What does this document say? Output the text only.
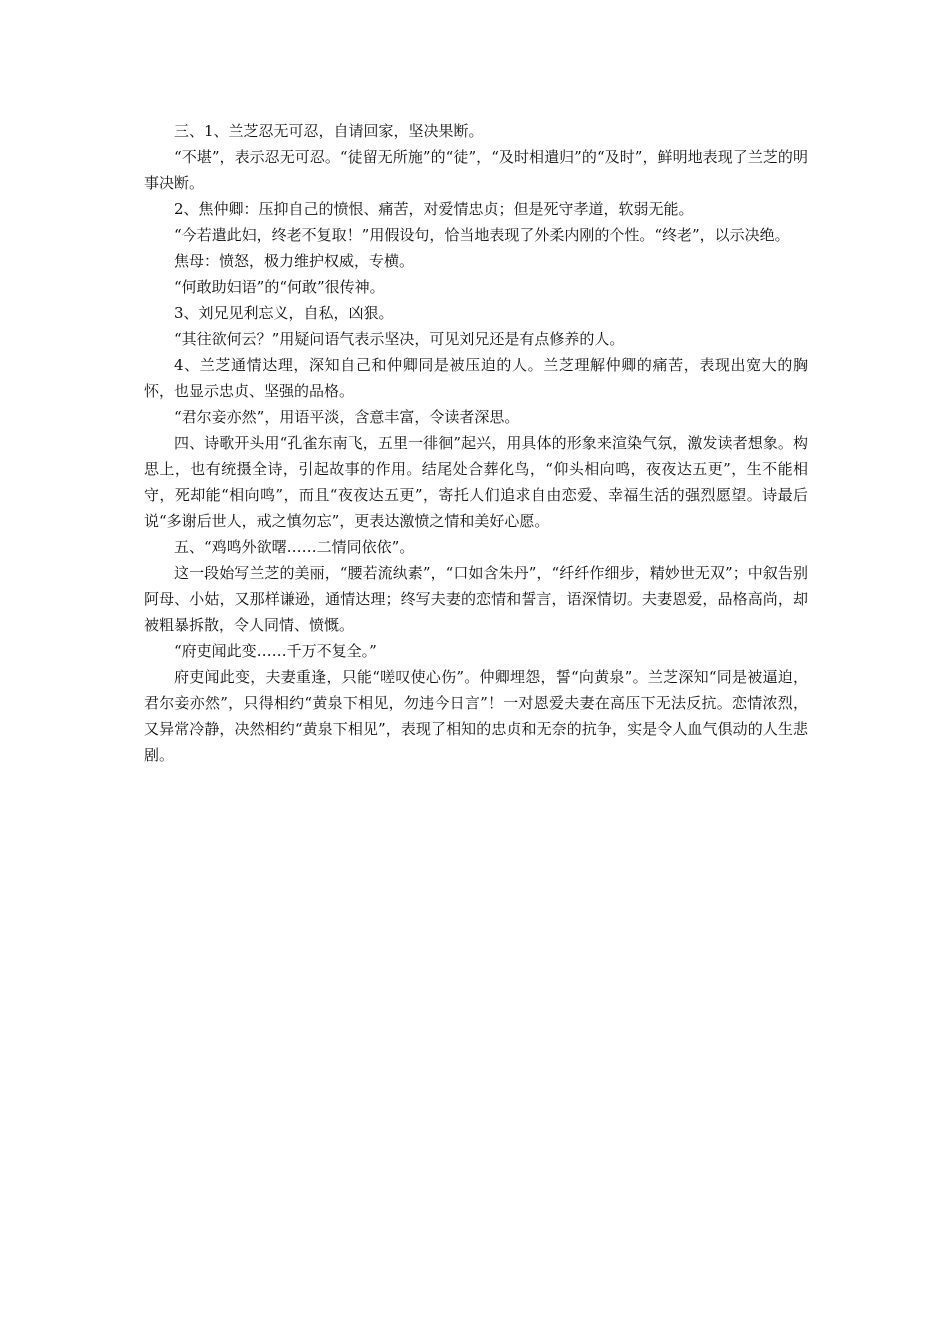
三、1、兰芝忍无可忍，自请回家，坚决果断。

“不堪”，表示忍无可忍。“徒留无所施”的“徒”，“及时相遣归”的“及时”，鲜明地表现了兰芝的明事决断。

2、焦仲卿：压抑自己的愤恨、痛苦，对爱情忠贞；但是死守孝道，软弱无能。

“今若遣此妇，终老不复取！”用假设句，恰当地表现了外柔内刚的个性。“终老”，以示决绝。

焦母：愤怒，极力维护权威，专横。

“何敢助妇语”的“何敢”很传神。

3、刘兄见利忘义，自私，凶狠。

“其往欲何云？”用疑问语气表示坚决，可见刘兄还是有点修养的人。

4、兰芝通情达理，深知自己和仲卿同是被压迫的人。兰芝理解仲卿的痛苦，表现出宽大的胸怀，也显示忠贞、坚强的品格。

“君尔妾亦然”，用语平淡，含意丰富，令读者深思。

四、诗歌开头用“孔雀东南飞，五里一徘徊”起兴，用具体的形象来渲染气氛，激发读者想象。构思上，也有统摄全诗，引起故事的作用。结尾处合葬化鸟，“仰头相向鸣，夜夜达五更”，生不能相守，死却能“相向鸣”，而且“夜夜达五更”，寄托人们追求自由恋爱、幸福生活的强烈愿望。诗最后说“多谢后世人，戒之慎勿忘”，更表达激愤之情和美好心愿。

五、“鸡鸣外欲曙……二情同依依”。

这一段始写兰芝的美丽，“腰若流纨素”，“口如含朱丹”，“纤纤作细步，精妙世无双”；中叙告别阿母、小姑，又那样谦逊，通情达理；终写夫妻的恋情和誓言，语深情切。夫妻恩爱，品格高尚，却被粗暴拆散，令人同情、愤慨。

“府吏闻此变……千万不复全。”

府吏闻此变，夫妻重逢，只能“嗟叹使心伤”。仲卿埋怨，誓“向黄泉”。兰芝深知“同是被逼迫，君尔妾亦然”，只得相约“黄泉下相见，勿违今日言”！一对恩爱夫妻在高压下无法反抗。恋情浓烈，又异常冷静，决然相约“黄泉下相见”，表现了相知的忠贞和无奈的抗争，实是令人血气俱动的人生悲剧。
